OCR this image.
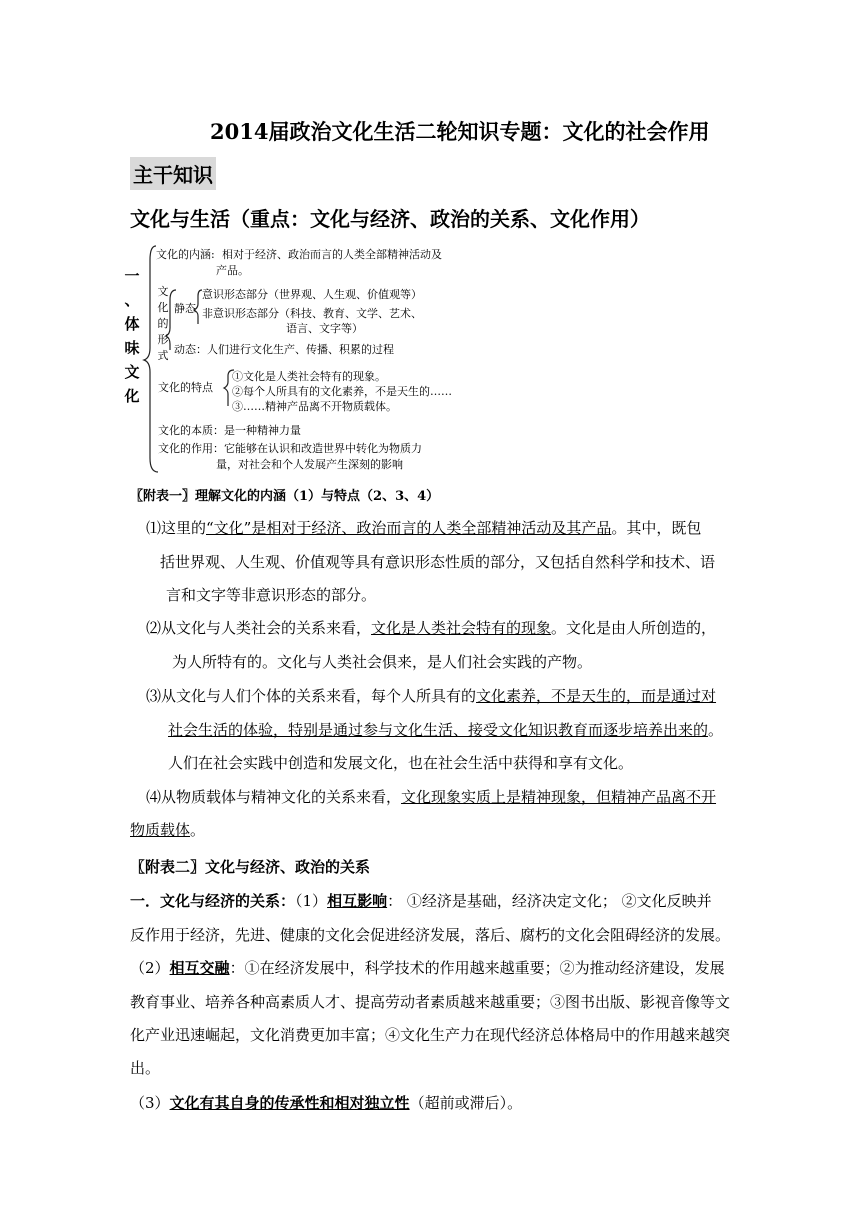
2014届政治文化生活二轮知识专题：文化的社会作用
主干知识
文化与生活（重点：文化与经济、政治的关系、文化作用）
一
、
体
味
文
化
文化的内涵: 相对于经济、政治而言的人类全部精神活动及
产品。
文
化
的
形
式
静态
意识形态部分（世界观、人生观、价值观等）
非意识形态部分（科技、教育、文学、艺术、
语言、文字等）
动态：人们进行文化生产、传播、积累的过程
文化的特点
①文化是人类社会特有的现象。
②每个人所具有的文化素养，不是天生的……
③……精神产品离不开物质载体。
文化的本质：是一种精神力量
文化的作用： 它能够在认识和改造世界中转化为物质力
量，对社会和个人发展产生深刻的影响
〖附表一〗理解文化的内涵（1）与特点（2、3、4）
⑴这里的“文化”是相对于经济、政治而言的人类全部精神活动及其产品。其中，既包
括世界观、人生观、价值观等具有意识形态性质的部分，又包括自然科学和技术、语
言和文字等非意识形态的部分。
⑵从文化与人类社会的关系来看，文化是人类社会特有的现象。文化是由人所创造的，
为人所特有的。文化与人类社会俱来，是人们社会实践的产物。
⑶从文化与人们个体的关系来看，每个人所具有的文化素养，不是天生的，而是通过对
社会生活的体验，特别是通过参与文化生活、接受文化知识教育而逐步培养出来的。
人们在社会实践中创造和发展文化，也在社会生活中获得和享有文化。
⑷从物质载体与精神文化的关系来看，文化现象实质上是精神现象，但精神产品离不开
物质载体。
〖附表二〗文化与经济、政治的关系
一．文化与经济的关系：（1）相互影响： ①经济是基础，经济决定文化； ②文化反映并
反作用于经济，先进、健康的文化会促进经济发展，落后、腐朽的文化会阻碍经济的发展。
（2）相互交融：①在经济发展中，科学技术的作用越来越重要；②为推动经济建设，发展
教育事业、培养各种高素质人才、提高劳动者素质越来越重要；③图书出版、影视音像等文
化产业迅速崛起，文化消费更加丰富；④文化生产力在现代经济总体格局中的作用越来越突
出。
（3）文化有其自身的传承性和相对独立性（超前或滞后）。
